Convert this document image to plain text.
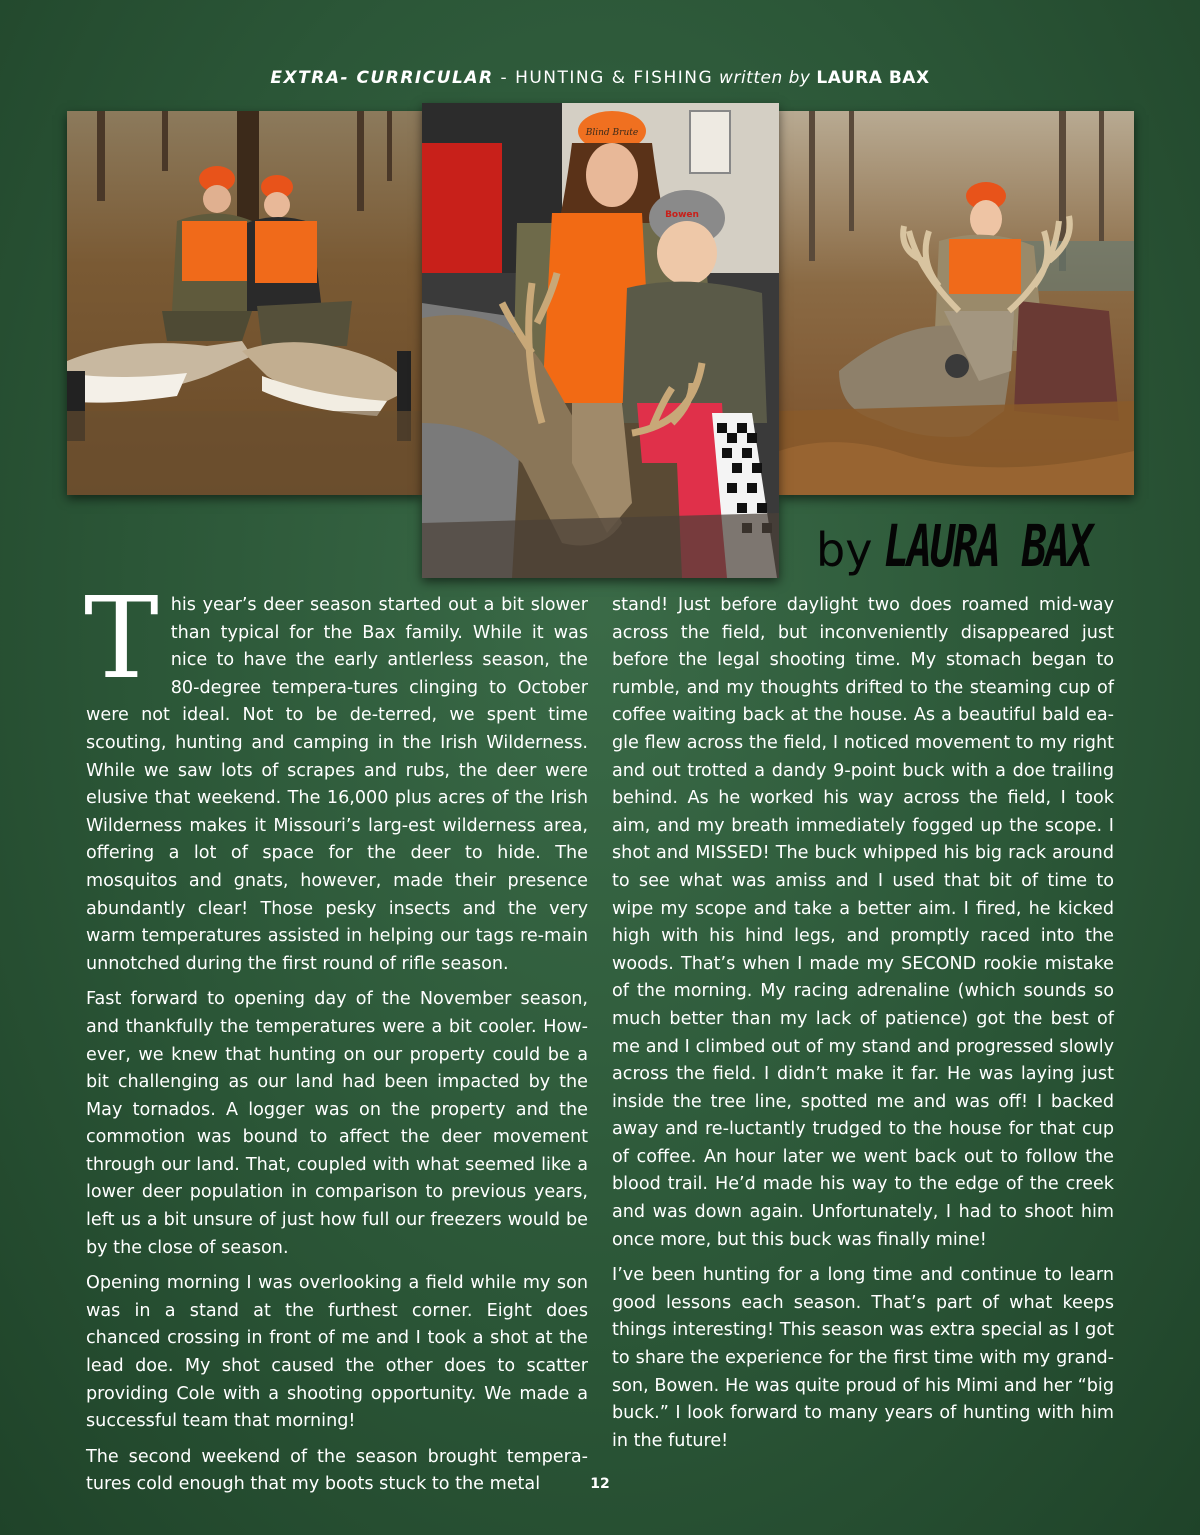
EXTRA- CURRICULAR - HUNTING & FISHING written by LAURA BAX
Blind Brute
Bowen
by LAURA BAX

This year’s deer season started out a bit slower than typical for the Bax family. While it was nice to have the early antlerless season, the 80-degree tempera-tures clinging to October were not ideal. Not to be de-terred, we spent time scouting, hunting and camping in the Irish Wilderness. While we saw lots of scrapes and rubs, the deer were elusive that weekend. The 16,000 plus acres of the Irish Wilderness makes it Missouri’s larg-est wilderness area, offering a lot of space for the deer to hide. The mosquitos and gnats, however, made their presence abundantly clear! Those pesky insects and the very warm temperatures assisted in helping our tags re-main unnotched during the first round of rifle season.

Fast forward to opening day of the November season, and thankfully the temperatures were a bit cooler. How-ever, we knew that hunting on our property could be a bit challenging as our land had been impacted by the May tornados. A logger was on the property and the commotion was bound to affect the deer movement through our land. That, coupled with what seemed like a lower deer population in comparison to previous years, left us a bit unsure of just how full our freezers would be by the close of season.

Opening morning I was overlooking a field while my son was in a stand at the furthest corner. Eight does chanced crossing in front of me and I took a shot at the lead doe. My shot caused the other does to scatter providing Cole with a shooting opportunity. We made a successful team that morning!

The second weekend of the season brought tempera-tures cold enough that my boots stuck to the metal

stand! Just before daylight two does roamed mid-way across the field, but inconveniently disappeared just before the legal shooting time. My stomach began to rumble, and my thoughts drifted to the steaming cup of coffee waiting back at the house. As a beautiful bald ea-gle flew across the field, I noticed movement to my right and out trotted a dandy 9-point buck with a doe trailing behind. As he worked his way across the field, I took aim, and my breath immediately fogged up the scope. I shot and MISSED! The buck whipped his big rack around to see what was amiss and I used that bit of time to wipe my scope and take a better aim. I fired, he kicked high with his hind legs, and promptly raced into the woods. That’s when I made my SECOND rookie mistake of the morning. My racing adrenaline (which sounds so much better than my lack of patience) got the best of me and I climbed out of my stand and progressed slowly across the field. I didn’t make it far. He was laying just inside the tree line, spotted me and was off! I backed away and re-luctantly trudged to the house for that cup of coffee. An hour later we went back out to follow the blood trail. He’d made his way to the edge of the creek and was down again. Unfortunately, I had to shoot him once more, but this buck was finally mine!

I’ve been hunting for a long time and continue to learn good lessons each season. That’s part of what keeps things interesting! This season was extra special as I got to share the experience for the first time with my grand-son, Bowen. He was quite proud of his Mimi and her “big buck.” I look forward to many years of hunting with him in the future!

12
